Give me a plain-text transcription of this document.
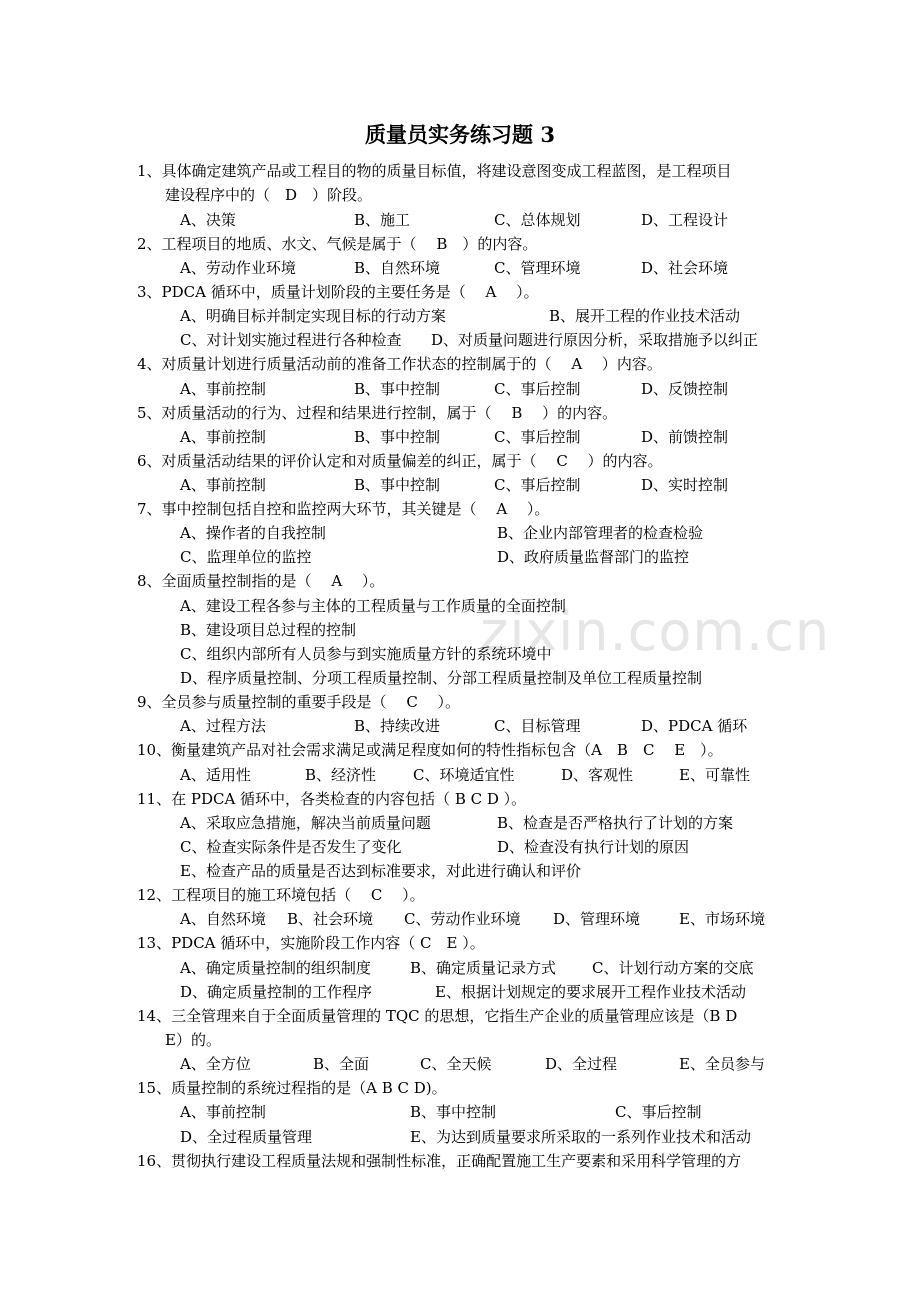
zixin.com.cn
质量员实务练习题 3
1、具体确定建筑产品或工程目的物的质量目标值，将建设意图变成工程蓝图，是工程项目
建设程序中的（　D　）阶段。
A、决策	B、施工	C、总体规划	D、工程设计
2、工程项目的地质、水文、气候是属于（　 B　）的内容。
A、劳动作业环境	B、自然环境	C、管理环境	D、社会环境
3、PDCA 循环中，质量计划阶段的主要任务是（　 A　 ）。
A、明确目标并制定实现目标的行动方案	B、展开工程的作业技术活动
C、对计划实施过程进行各种检查 D、对质量问题进行原因分析，采取措施予以纠正
4、对质量计划进行质量活动前的准备工作状态的控制属于的（　 A　 ）内容。
A、事前控制	B、事中控制	C、事后控制	D、反馈控制
5、对质量活动的行为、过程和结果进行控制，属于（　 B　 ）的内容。
A、事前控制	B、事中控制	C、事后控制	D、前馈控制
6、对质量活动结果的评价认定和对质量偏差的纠正，属于（　 C　 ）的内容。
A、事前控制	B、事中控制	C、事后控制	D、实时控制
7、事中控制包括自控和监控两大环节，其关键是（　 A　 ）。
A、操作者的自我控制	B、企业内部管理者的检查检验
C、监理单位的监控	D、政府质量监督部门的监控
8、全面质量控制指的是（　 A　 ）。
A、建设工程各参与主体的工程质量与工作质量的全面控制
B、建设项目总过程的控制
C、组织内部所有人员参与到实施质量方针的系统环境中
D、程序质量控制、分项工程质量控制、分部工程质量控制及单位工程质量控制
9、全员参与质量控制的重要手段是（　 C　 ）。
A、过程方法	B、持续改进	C、目标管理	D、PDCA 循环
10、衡量建筑产品对社会需求满足或满足程度如何的特性指标包含（A　B　C　 E　）。
A、适用性	B、经济性 C、环境适宜性	D、客观性	E、可靠性
11、在 PDCA 循环中，各类检查的内容包括（ B C D ）。
A、采取应急措施，解决当前质量问题	B、检查是否严格执行了计划的方案
C、检查实际条件是否发生了变化	D、检查没有执行计划的原因
E、检查产品的质量是否达到标准要求，对此进行确认和评价
12、工程项目的施工环境包括（　 C　 ）。
A、自然环境 B、社会环境 C、劳动作业环境 D、管理环境	E、市场环境
13、PDCA 循环中，实施阶段工作内容（ C　E ）。
A、确定质量控制的组织制度	B、确定质量记录方式 C、计划行动方案的交底
D、确定质量控制的工作程序	E、根据计划规定的要求展开工程作业技术活动
14、三全管理来自于全面质量管理的 TQC 的思想，它指生产企业的质量管理应该是（B D
E）的。
A、全方位	B、全面	C、全天候	D、全过程	E、全员参与
15、质量控制的系统过程指的是（A B C D)。
A、事前控制	B、事中控制	C、事后控制
D、全过程质量管理	E、为达到质量要求所采取的一系列作业技术和活动
16、贯彻执行建设工程质量法规和强制性标准，正确配置施工生产要素和采用科学管理的方
